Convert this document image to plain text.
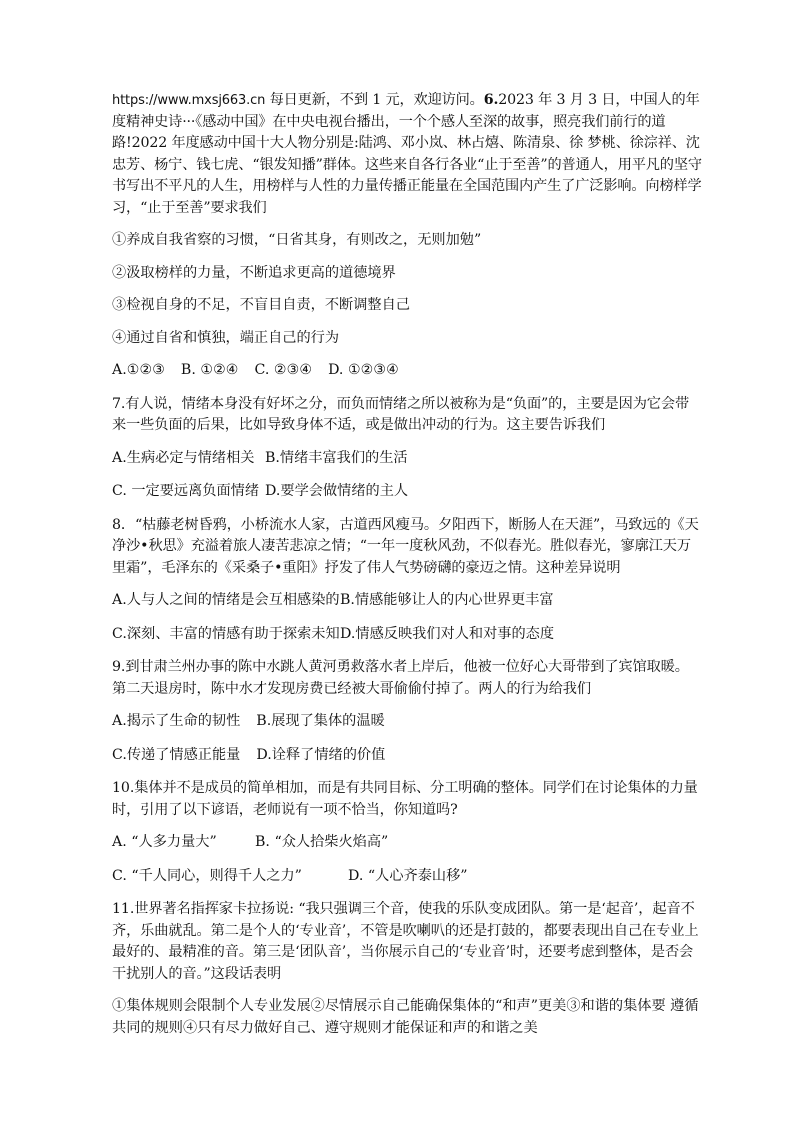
https://www.mxsj663.cn 每日更新，不到 1 元，欢迎访问。6.2023 年 3 月 3 日，中国人的年度精神史诗···《感动中国》在中央电视台播出，一个个感人至深的故事，照亮我们前行的道路!2022 年度感动中国十大人物分别是:陆鸿、邓小岚、林占熺、陈清泉、徐 梦桃、徐淙祥、沈忠芳、杨宁、钱七虎、“银发知播”群体。这些来自各行各业“止于至善”的普通人，用平凡的坚守书写出不平凡的人生，用榜样与人性的力量传播正能量在全国范围内产生了广泛影响。向榜样学习，“止于至善”要求我们

①养成自我省察的习惯，“日省其身，有则改之，无则加勉”

②汲取榜样的力量，不断追求更高的道德境界

③检视自身的不足，不盲目自责，不断调整自己

④通过自省和慎独，端正自己的行为

A.①②③ B. ①②④ C. ②③④ D. ①②③④

7.有人说，情绪本身没有好坏之分，而负而情绪之所以被称为是“负面”的，主要是因为它会带来一些负面的后果，比如导致身体不适，或是做出冲动的行为。这主要告诉我们

A.生病必定与情绪相关 B.情绪丰富我们的生活
C. 一定要远离负面情绪 D.要学会做情绪的主人

8．“枯藤老树昏鸦，小桥流水人家，古道西风瘦马。夕阳西下，断肠人在天涯”，马致远的《天净沙•秋思》充溢着旅人凄苦悲凉之情；“一年一度秋风劲，不似春光。胜似春光，寥廓江天万里霜”，毛泽东的《采桑子•重阳》抒发了伟人气势磅礴的豪迈之情。这种差异说明

A.人与人之间的情绪是会互相感染的 B.情感能够让人的内心世界更丰富
C.深刻、丰富的情感有助于探索未知 D.情感反映我们对人和对事的态度

9.到甘肃兰州办事的陈中水跳人黄河勇救落水者上岸后，他被一位好心大哥带到了宾馆取暖。第二天退房时，陈中水才发现房费已经被大哥偷偷付掉了。两人的行为给我们

A.揭示了生命的韧性 B.展现了集体的温暖
C.传递了情感正能量 D.诠释了情绪的价值

10.集体并不是成员的简单相加，而是有共同目标、分工明确的整体。同学们在讨论集体的力量时，引用了以下谚语，老师说有一项不恰当，你知道吗?

A. “人多力量大”	B. “众人拾柴火焰高”
C. “千人同心，则得千人之力”	D. “人心齐泰山移”

11.世界著名指挥家卡拉扬说: “我只强调三个音，使我的乐队变成团队。第一是‘起音’，起音不齐，乐曲就乱。第二是个人的‘专业音’，不管是吹喇叭的还是打鼓的，都要表现出自己在专业上最好的、最精准的音。第三是‘团队音’，当你展示自己的‘专业音’时，还要考虑到整体，是否会干扰别人的音。”这段话表明

①集体规则会限制个人专业发展②尽情展示自己能确保集体的“和声”更美③和谐的集体要 遵循共同的规则④只有尽力做好自己、遵守规则才能保证和声的和谐之美
